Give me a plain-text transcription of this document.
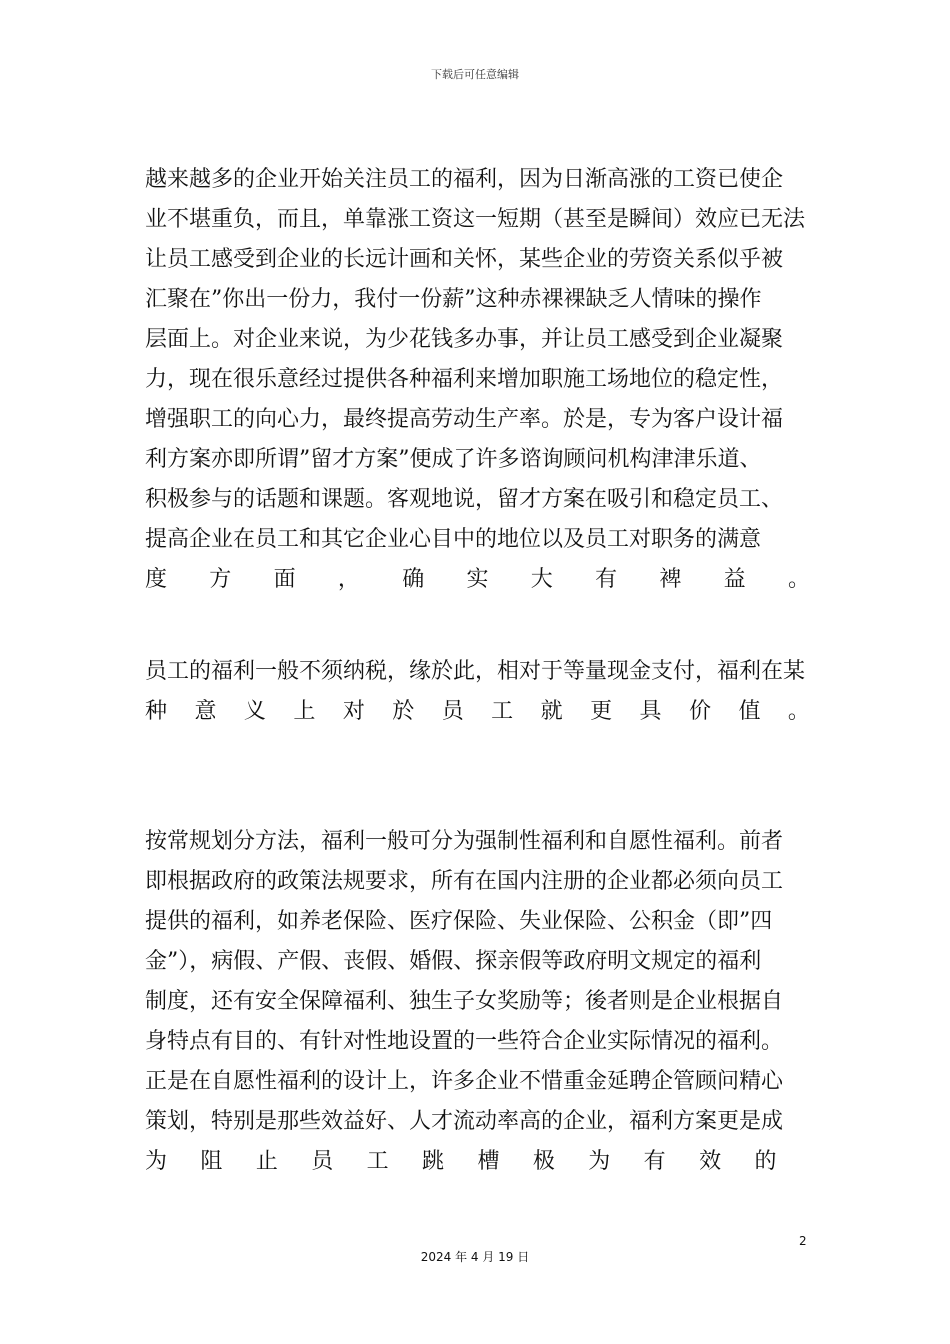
下载后可任意编辑
越来越多的企业开始关注员工的福利，因为日渐高涨的工资已使企
业不堪重负，而且，单靠涨工资这一短期（甚至是瞬间）效应已无法
让员工感受到企业的长远计画和关怀，某些企业的劳资关系似乎被
汇聚在”你出一份力，我付一份薪”这种赤裸裸缺乏人情味的操作
层面上。对企业来说，为少花钱多办事，并让员工感受到企业凝聚
力，现在很乐意经过提供各种福利来增加职施工场地位的稳定性，
增强职工的向心力，最终提高劳动生产率。於是，专为客户设计福
利方案亦即所谓”留才方案”便成了许多谘询顾问机构津津乐道、
积极参与的话题和课题。客观地说，留才方案在吸引和稳定员工、
提高企业在员工和其它企业心目中的地位以及员工对职务的满意
度 方 面 ， 确 实 大 有 裨 益 。
员工的福利一般不须纳税，缘於此，相对于等量现金支付，福利在某
种 意 义 上 对 於 员 工 就 更 具 价 值 。
按常规划分方法，福利一般可分为强制性福利和自愿性福利。前者
即根据政府的政策法规要求，所有在国内注册的企业都必须向员工
提供的福利，如养老保险、医疗保险、失业保险、公积金（即”四
金”），病假、产假、丧假、婚假、探亲假等政府明文规定的福利
制度，还有安全保障福利、独生子女奖励等；後者则是企业根据自
身特点有目的、有针对性地设置的一些符合企业实际情况的福利。
正是在自愿性福利的设计上，许多企业不惜重金延聘企管顾问精心
策划，特别是那些效益好、人才流动率高的企业，福利方案更是成
为 阻 止 员 工 跳 槽 极 为 有 效 的
2
2024 年 4 月 19 日
